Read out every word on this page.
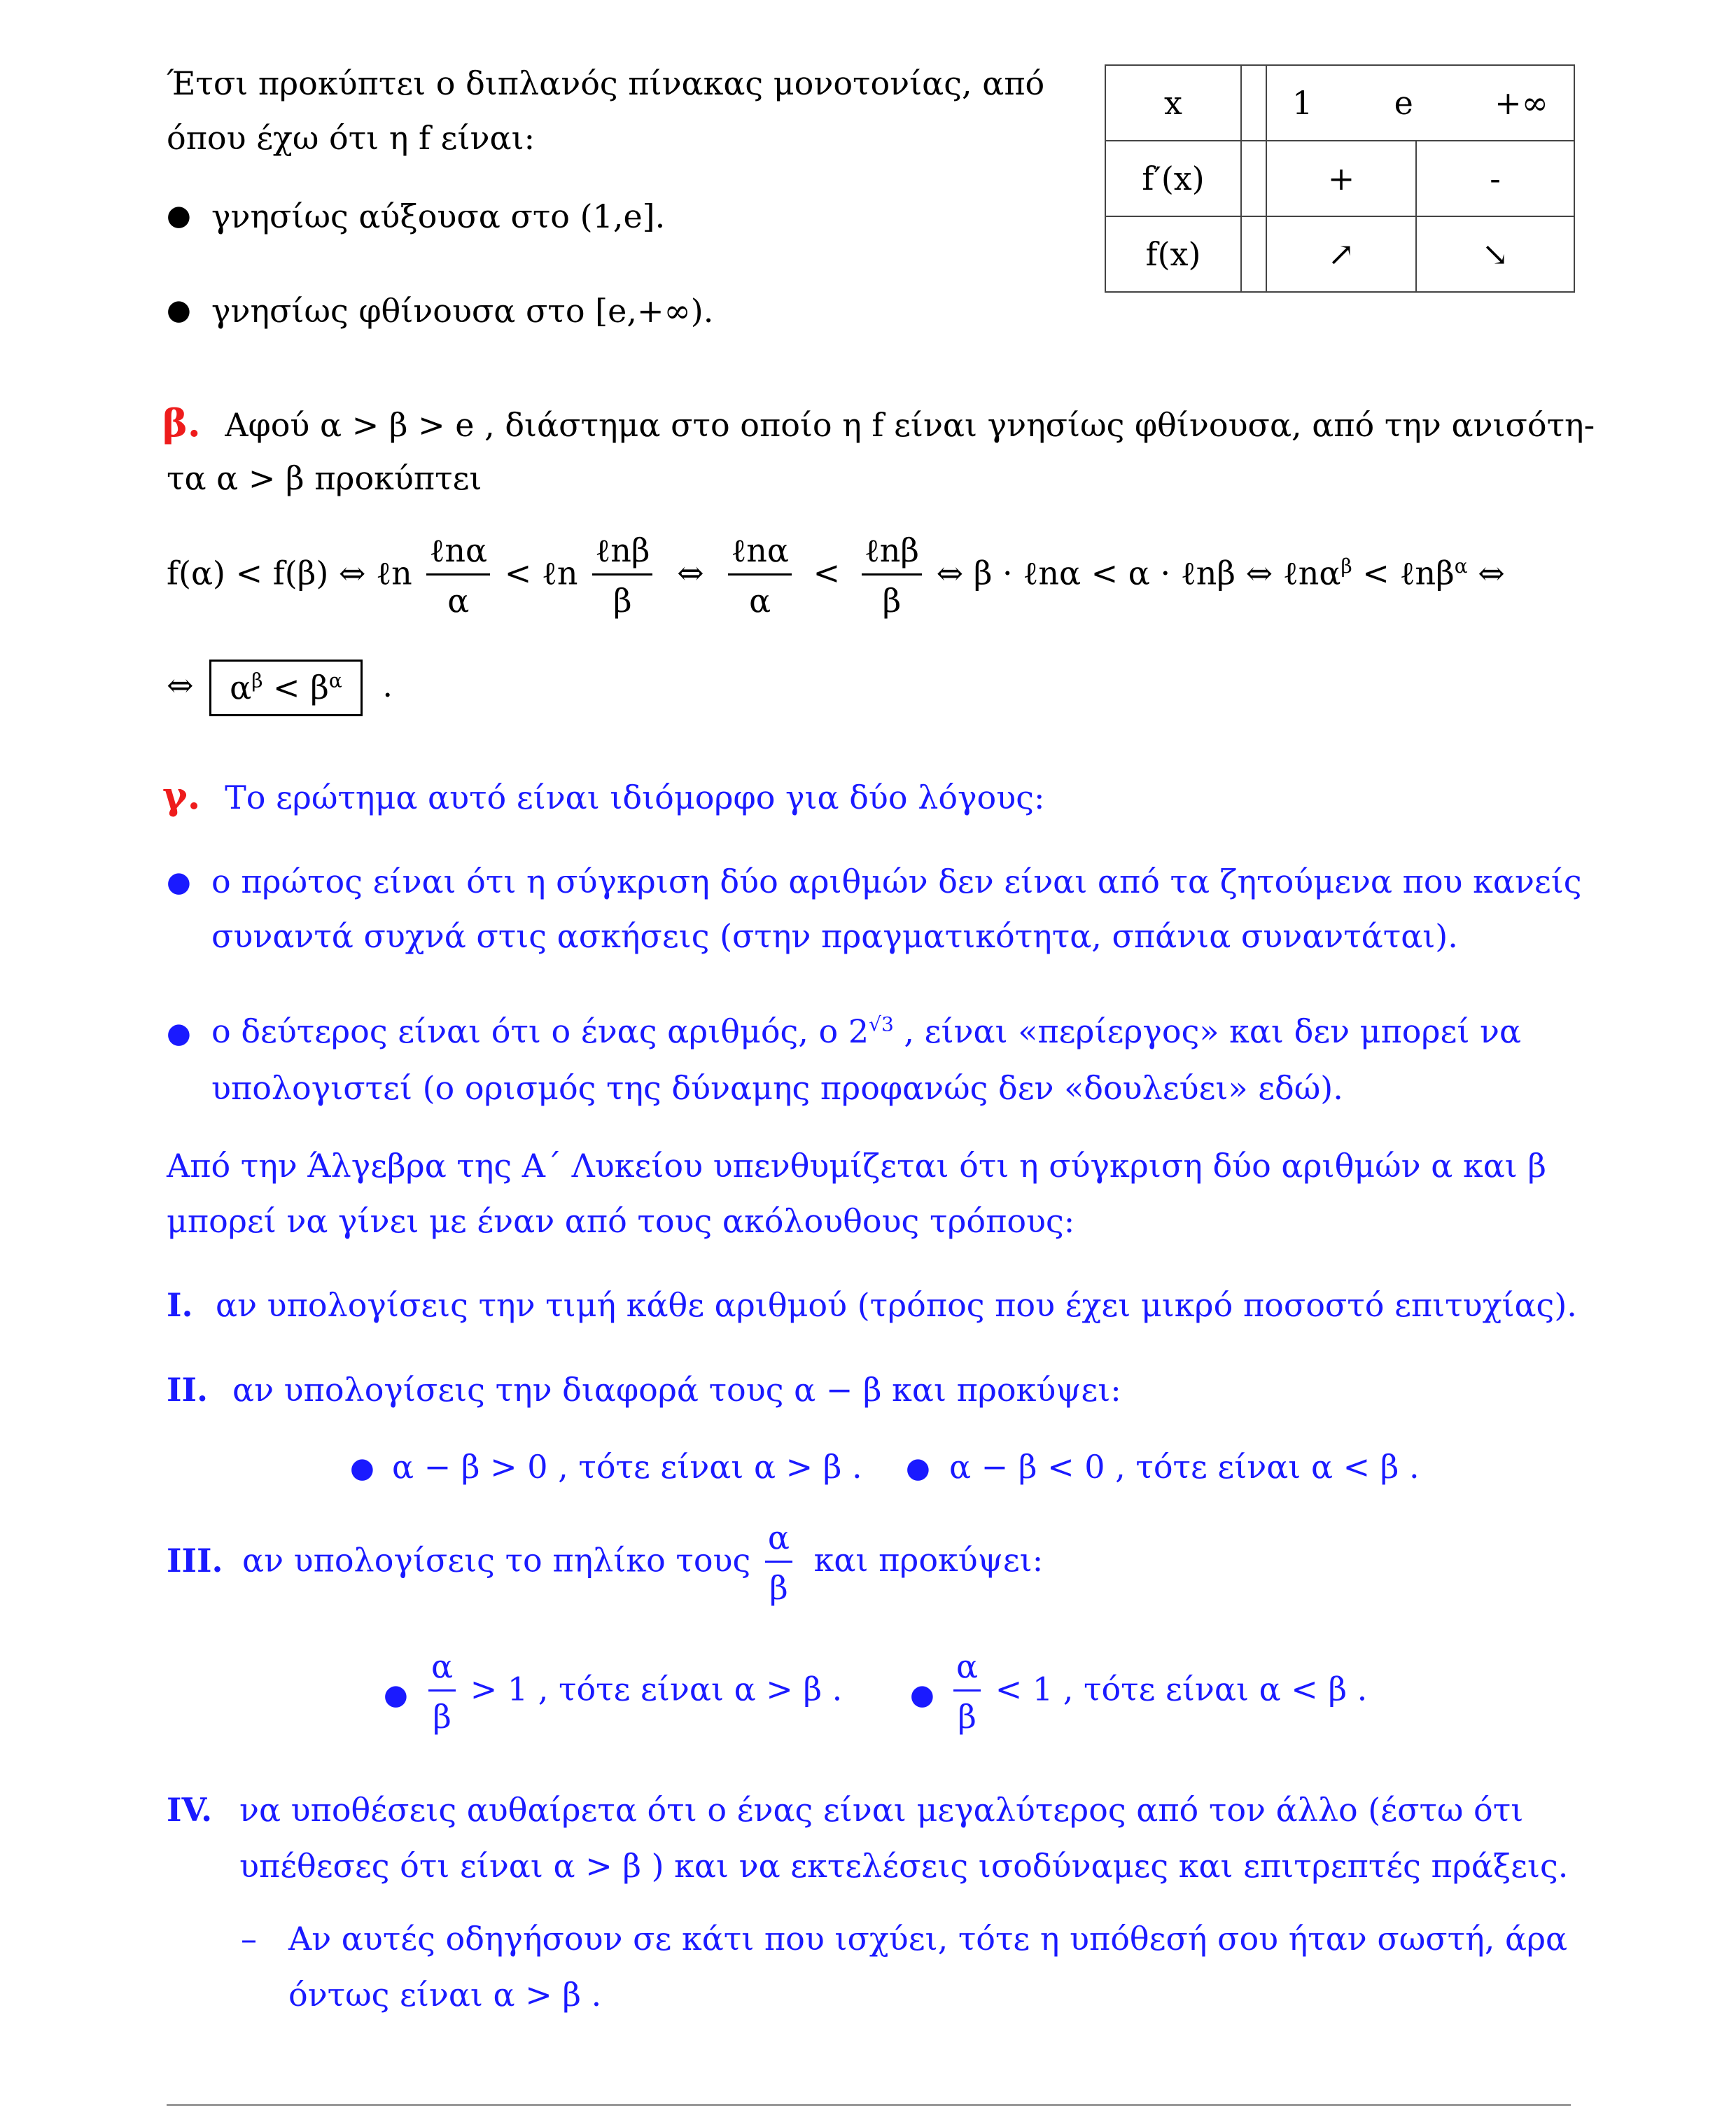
Έτσι προκύπτει ο διπλανός πίνακας μονοτονίας, από
όπου έχω ότι η f είναι:
● γνησίως αύξουσα στο (1,e].
● γνησίως φθίνουσα στο [e,+∞).
x		1 e +∞	

f′(x)		+	-
f(x)		↗	↘
β. Αφού α > β > e , διάστημα στο οποίο η f είναι γνησίως φθίνουσα, από την ανισότη-
τα α > β προκύπτει
f(α) < f(β) ⇔ ℓn $\frac{\text{ℓnα}}{\alpha}$ < ℓn $\frac{\text{ℓnβ}}{\beta}$ ⇔ $\frac{\text{ℓnα}}{\alpha} < \frac{\text{ℓnβ}}{\beta}$ ⇔ β · ℓnα < α · ℓnβ ⇔ ℓnα$^\beta$ < ℓnβ$^\alpha$ ⇔
⇔ $\alpha^\beta < \beta^\alpha$ .
γ. Το ερώτημα αυτό είναι ιδιόμορφο για δύο λόγους:
● ο πρώτος είναι ότι η σύγκριση δύο αριθμών δεν είναι από τα ζητούμενα που κανείς
συναντά συχνά στις ασκήσεις (στην πραγματικότητα, σπάνια συναντάται).
● ο δεύτερος είναι ότι ο ένας αριθμός, ο $2^{√3}$ , είναι «περίεργος» και δεν μπορεί να
υπολογιστεί (ο ορισμός της δύναμης προφανώς δεν «δουλεύει» εδώ).
Από την Άλγεβρα της Α΄ Λυκείου υπενθυμίζεται ότι η σύγκριση δύο αριθμών α και β
μπορεί να γίνει με έναν από τους ακόλουθους τρόπους:
I. αν υπολογίσεις την τιμή κάθε αριθμού (τρόπος που έχει μικρό ποσοστό επιτυχίας).
II. αν υπολογίσεις την διαφορά τους α − β και προκύψει:
● α − β > 0 , τότε είναι α > β . ● α − β < 0 , τότε είναι α < β .
III. αν υπολογίσεις το πηλίκο τους $\frac{\alpha}{\beta}$ και προκύψει:
● $\frac{\alpha}{\beta} > 1$ , τότε είναι α > β . ● $\frac{\alpha}{\beta} < 1$ , τότε είναι α < β .
IV. να υποθέσεις αυθαίρετα ότι ο ένας είναι μεγαλύτερος από τον άλλο (έστω ότι
υπέθεσες ότι είναι α > β ) και να εκτελέσεις ισοδύναμες και επιτρεπτές πράξεις.
– Αν αυτές οδηγήσουν σε κάτι που ισχύει, τότε η υπόθεσή σου ήταν σωστή, άρα
όντως είναι α > β .
